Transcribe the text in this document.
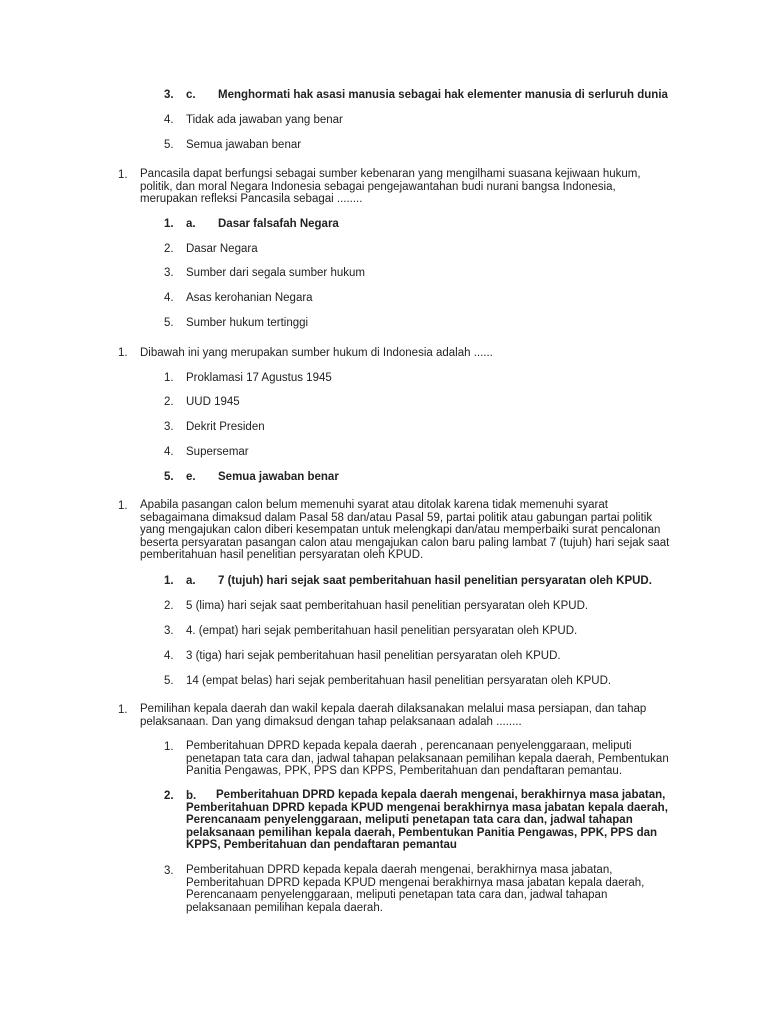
3. c. Menghormati hak asasi manusia sebagai hak elementer manusia di serluruh dunia
4. Tidak ada jawaban yang benar
5. Semua jawaban benar
1. Pancasila dapat berfungsi sebagai sumber kebenaran yang mengilhami suasana kejiwaan hukum,
politik, dan moral Negara Indonesia sebagai pengejawantahan budi nurani bangsa Indonesia,
merupakan refleksi Pancasila sebagai ........
1. a. Dasar falsafah Negara
2. Dasar Negara
3. Sumber dari segala sumber hukum
4. Asas kerohanian Negara
5. Sumber hukum tertinggi
1. Dibawah ini yang merupakan sumber hukum di Indonesia adalah ......
1. Proklamasi 17 Agustus 1945
2. UUD 1945
3. Dekrit Presiden
4. Supersemar
5. e. Semua jawaban benar
1. Apabila pasangan calon belum memenuhi syarat atau ditolak karena tidak memenuhi syarat
sebagaimana dimaksud dalam Pasal 58 dan/atau Pasal 59, partai politik atau gabungan partai politik
yang mengajukan calon diberi kesempatan untuk melengkapi dan/atau memperbaiki surat pencalonan
beserta persyaratan pasangan calon atau mengajukan calon baru paling lambat 7 (tujuh) hari sejak saat
pemberitahuan hasil penelitian persyaratan oleh KPUD.
1. a. 7 (tujuh) hari sejak saat pemberitahuan hasil penelitian persyaratan oleh KPUD.
2. 5 (lima) hari sejak saat pemberitahuan hasil penelitian persyaratan oleh KPUD.
3. 4. (empat) hari sejak pemberitahuan hasil penelitian persyaratan oleh KPUD.
4. 3 (tiga) hari sejak pemberitahuan hasil penelitian persyaratan oleh KPUD.
5. 14 (empat belas) hari sejak pemberitahuan hasil penelitian persyaratan oleh KPUD.
1. Pemilihan kepala daerah dan wakil kepala daerah dilaksanakan melalui masa persiapan, dan tahap
pelaksanaan. Dan yang dimaksud dengan tahap pelaksanaan adalah ........
1. Pemberitahuan DPRD kepada kepala daerah , perencanaan penyelenggaraan, meliputi
penetapan tata cara dan, jadwal tahapan pelaksanaan pemilihan kepala daerah, Pembentukan
Panitia Pengawas, PPK, PPS dan KPPS, Pemberitahuan dan pendaftaran pemantau.
2. b.	Pemberitahuan DPRD kepada kepala daerah mengenai, berakhirnya masa jabatan,
Pemberitahuan DPRD kepada KPUD mengenai berakhirnya masa jabatan kepala daerah,
Perencanaam penyelenggaraan, meliputi penetapan tata cara dan, jadwal tahapan
pelaksanaan pemilihan kepala daerah, Pembentukan Panitia Pengawas, PPK, PPS dan
KPPS, Pemberitahuan dan pendaftaran pemantau
3. Pemberitahuan DPRD kepada kepala daerah mengenai, berakhirnya masa jabatan,
Pemberitahuan DPRD kepada KPUD mengenai berakhirnya masa jabatan kepala daerah,
Perencanaam penyelenggaraan, meliputi penetapan tata cara dan, jadwal tahapan
pelaksanaan pemilihan kepala daerah.
